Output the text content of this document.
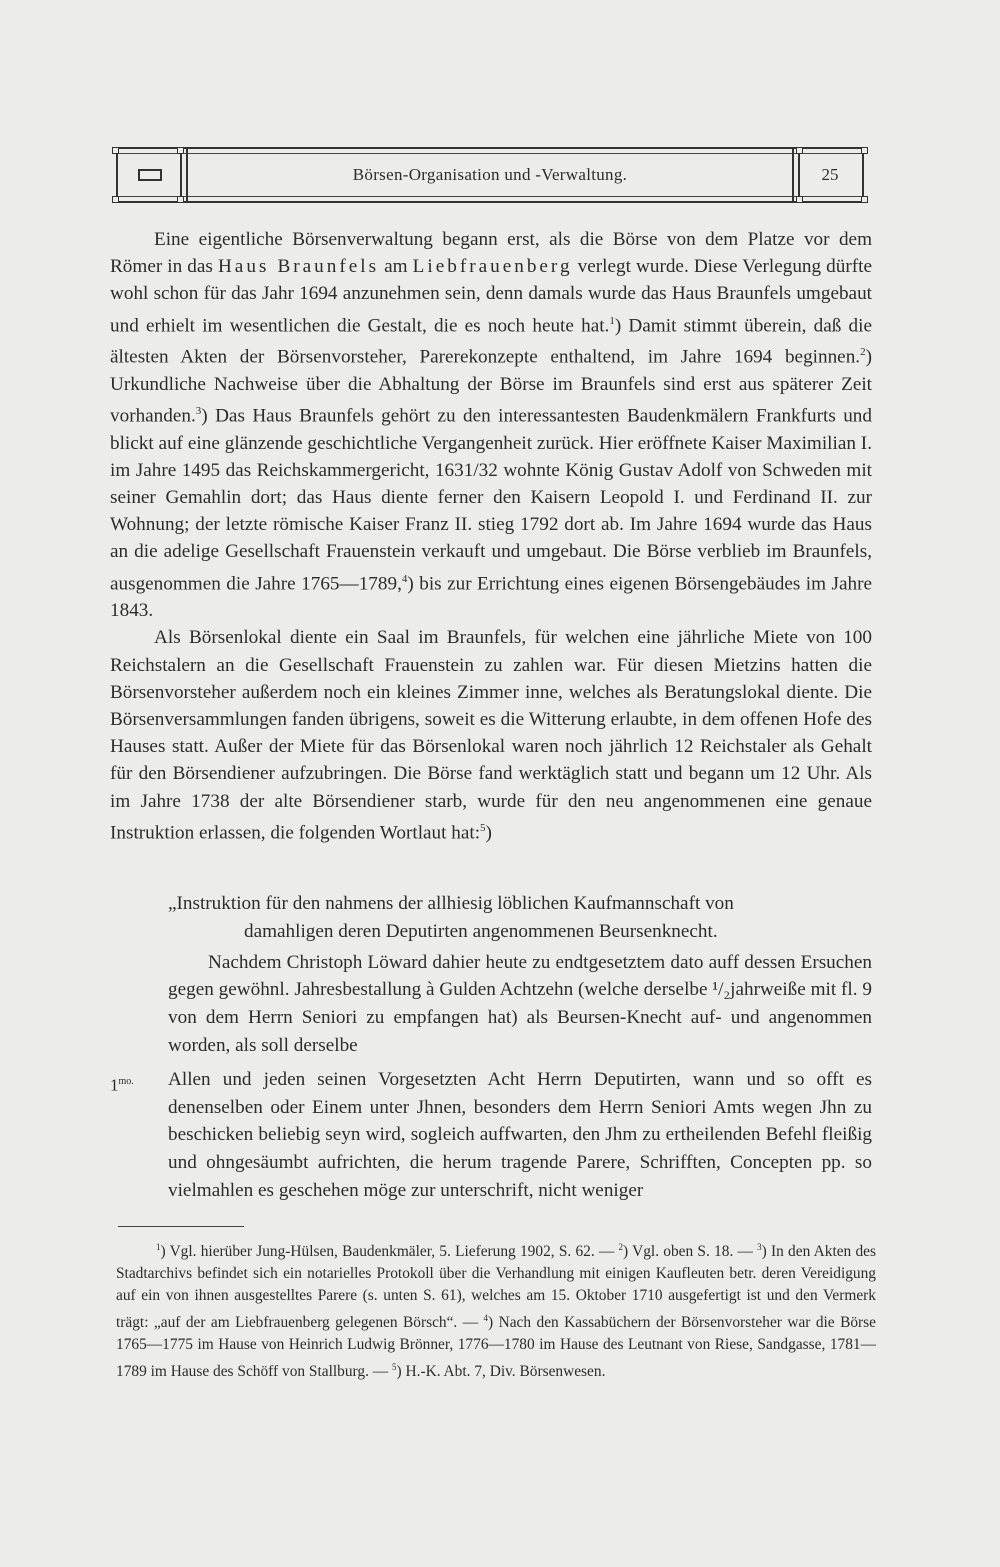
Börsen-Organisation und -Verwaltung.	25

Eine eigentliche Börsenverwaltung begann erst, als die Börse von dem Platze vor dem Römer in das Haus Braunfels am Liebfrauenberg verlegt wurde. Diese Verlegung dürfte wohl schon für das Jahr 1694 anzunehmen sein, denn damals wurde das Haus Braunfels umgebaut und erhielt im wesentlichen die Gestalt, die es noch heute hat.$^1$) Damit stimmt überein, daß die ältesten Akten der Börsenvorsteher, Parerekonzepte enthaltend, im Jahre 1694 beginnen.$^2$) Urkundliche Nachweise über die Abhaltung der Börse im Braunfels sind erst aus späterer Zeit vorhanden.$^3$) Das Haus Braunfels gehört zu den interessantesten Baudenkmälern Frankfurts und blickt auf eine glänzende geschichtliche Vergangenheit zurück. Hier eröffnete Kaiser Maximilian I. im Jahre 1495 das Reichskammergericht, 1631/32 wohnte König Gustav Adolf von Schweden mit seiner Gemahlin dort; das Haus diente ferner den Kaisern Leopold I. und Ferdinand II. zur Wohnung; der letzte römische Kaiser Franz II. stieg 1792 dort ab. Im Jahre 1694 wurde das Haus an die adelige Gesellschaft Frauenstein verkauft und umgebaut. Die Börse verblieb im Braunfels, ausgenommen die Jahre 1765—1789,$^4$) bis zur Errichtung eines eigenen Börsengebäudes im Jahre 1843.

Als Börsenlokal diente ein Saal im Braunfels, für welchen eine jährliche Miete von 100 Reichstalern an die Gesellschaft Frauenstein zu zahlen war. Für diesen Mietzins hatten die Börsenvorsteher außerdem noch ein kleines Zimmer inne, welches als Beratungslokal diente. Die Börsenversammlungen fanden übrigens, soweit es die Witterung erlaubte, in dem offenen Hofe des Hauses statt. Außer der Miete für das Börsenlokal waren noch jährlich 12 Reichstaler als Gehalt für den Börsendiener aufzubringen. Die Börse fand werktäglich statt und begann um 12 Uhr. Als im Jahre 1738 der alte Börsendiener starb, wurde für den neu angenommenen eine genaue Instruktion erlassen, die folgenden Wortlaut hat:$^5$)

„Instruktion für den nahmens der allhiesig löblichen Kaufmannschaft von
damahligen deren Deputirten angenommenen Beursenknecht.
Nachdem Christoph Löward dahier heute zu endtgesetztem dato auff dessen Ersuchen gegen gewöhnl. Jahresbestallung à Gulden Achtzehn (welche derselbe ¹/₂jahrweiße mit fl. 9 von dem Herrn Seniori zu empfangen hat) als Beursen-Knecht auf- und angenommen worden, als soll derselbe
$1^{mo.}$ Allen und jeden seinen Vorgesetzten Acht Herrn Deputirten, wann und so offt es denenselben oder Einem unter Jhnen, besonders dem Herrn Seniori Amts wegen Jhn zu beschicken beliebig seyn wird, sogleich auffwarten, den Jhm zu ertheilenden Befehl fleißig und ohngesäumbt aufrichten, die herum tragende Parere, Schrifften, Concepten pp. so vielmahlen es geschehen möge zur unterschrift, nicht weniger

$^1$) Vgl. hierüber Jung-Hülsen, Baudenkmäler, 5. Lieferung 1902, S. 62. — $^2$) Vgl. oben S. 18. — $^3$) In den Akten des Stadtarchivs befindet sich ein notarielles Protokoll über die Verhandlung mit einigen Kaufleuten betr. deren Vereidigung auf ein von ihnen ausgestelltes Parere (s. unten S. 61), welches am 15. Oktober 1710 ausgefertigt ist und den Vermerk trägt: „auf der am Liebfrauenberg gelegenen Börsch“. — $^4$) Nach den Kassabüchern der Börsenvorsteher war die Börse 1765—1775 im Hause von Heinrich Ludwig Brönner, 1776—1780 im Hause des Leutnant von Riese, Sandgasse, 1781—1789 im Hause des Schöff von Stallburg. — $^5$) H.-K. Abt. 7, Div. Börsenwesen.
